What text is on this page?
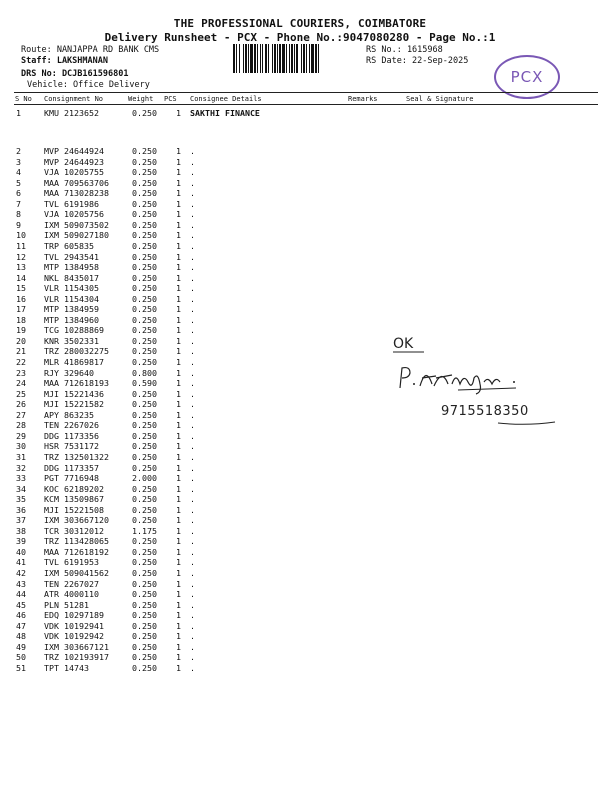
THE PROFESSIONAL COURIERS, COIMBATORE
Delivery Runsheet - PCX - Phone No.:9047080280 - Page No.:1
Route: NANJAPPA RD BANK CMS
Staff: LAKSHMANAN
DRS No: DCJB161596801
Vehicle: Office Delivery
RS No.: 1615968
RS Date: 22-Sep-2025
PCX
S No Consignment No	Weight PCS Consignee Details	Remarks	Seal & Signature
1	KMU 2123652	0.250 1 SAKTHI FINANCE
2	MVP 24644924	0.250 1 .
3	MVP 24644923	0.250 1 .
4	VJA 10205755	0.250 1 .
5	MAA 709563706	0.250 1 .
6	MAA 713028238	0.250 1 .
7	TVL 6191986	0.250 1 .
8	VJA 10205756	0.250 1 .
9	IXM 509073502	0.250 1 .
10 IXM 509027180	0.250 1 .
11 TRP 605835	0.250 1 .
12 TVL 2943541	0.250 1 .
13 MTP 1384958	0.250 1 .
14 NKL 8435017	0.250 1 .
15 VLR 1154305	0.250 1 .
16 VLR 1154304	0.250 1 .
17 MTP 1384959	0.250 1 .
18 MTP 1384960	0.250 1 .
19 TCG 10288869	0.250 1 .
20 KNR 3502331	0.250 1 .
21 TRZ 280032275	0.250 1 .
22 MLR 41869817	0.250 1 .
23 RJY 329640	0.800 1 .
24 MAA 712618193	0.590 1 .
25 MJI 15221436	0.250 1 .
26 MJI 15221582	0.250 1 .
27 APY 863235	0.250 1 .
28 TEN 2267026	0.250 1 .
29 DDG 1173356	0.250 1 .
30 HSR 7531172	0.250 1 .
31 TRZ 132501322	0.250 1 .
32 DDG 1173357	0.250 1 .
33 PGT 7716948	2.000 1 .
34 KOC 62189202	0.250 1 .
35 KCM 13509867	0.250 1 .
36 MJI 15221508	0.250 1 .
37 IXM 303667120	0.250 1 .
38 TCR 30312012	1.175 1 .
39 TRZ 113428065	0.250 1 .
40 MAA 712618192	0.250 1 .
41 TVL 6191953	0.250 1 .
42 IXM 509041562	0.250 1 .
43 TEN 2267027	0.250 1 .
44 ATR 4000110	0.250 1 .
45 PLN 51281	0.250 1 .
46 EDQ 10297189	0.250 1 .
47 VDK 10192941	0.250 1 .
48 VDK 10192942	0.250 1 .
49 IXM 303667121	0.250 1 .
50 TRZ 102193917	0.250 1 .
51 TPT 14743	0.250 1 .
OK
9715518350
